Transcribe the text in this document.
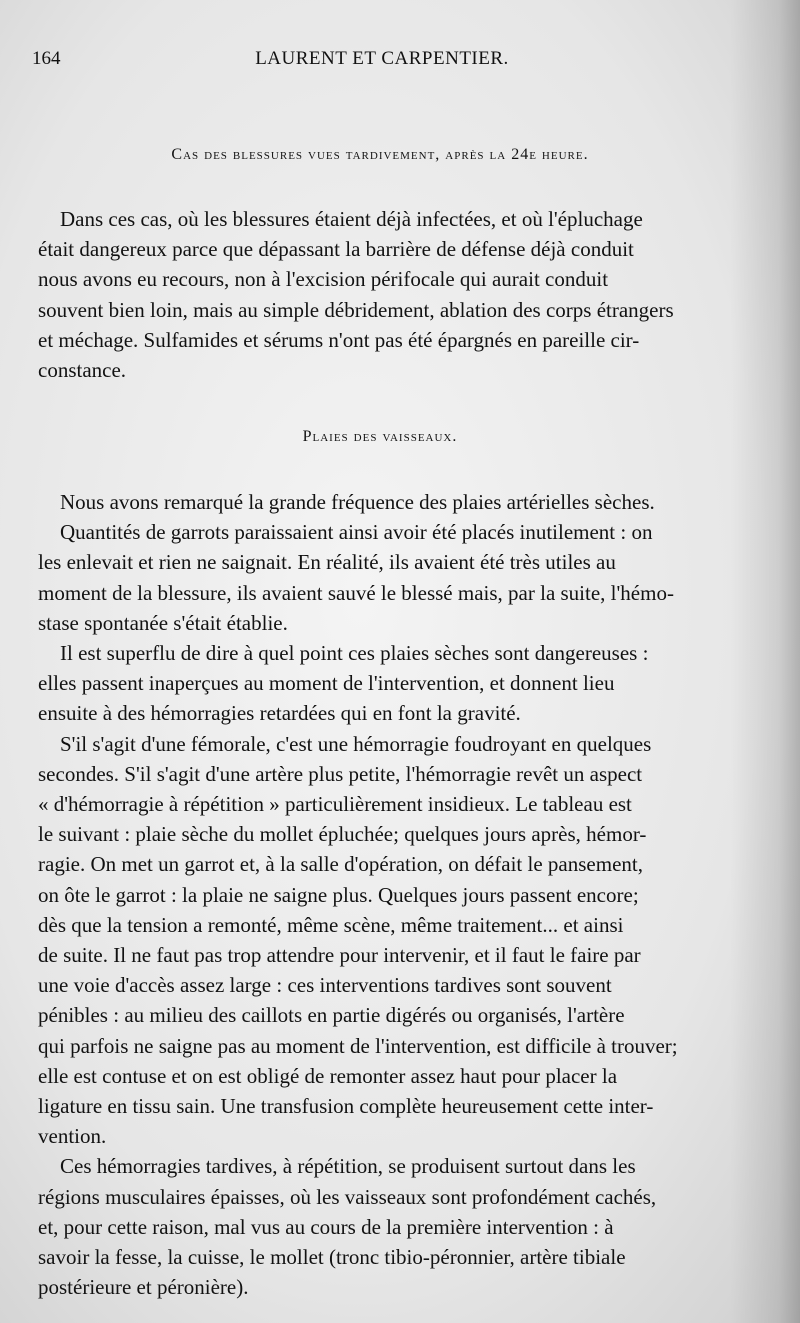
164	LAURENT ET CARPENTIER.
Cas des blessures vues tardivement, après la 24e heure.
Dans ces cas, où les blessures étaient déjà infectées, et où l'épluchage
était dangereux parce que dépassant la barrière de défense déjà conduit
nous avons eu recours, non à l'excision périfocale qui aurait conduit
souvent bien loin, mais au simple débridement, ablation des corps étrangers
et méchage. Sulfamides et sérums n'ont pas été épargnés en pareille cir-
constance.
Plaies des vaisseaux.
Nous avons remarqué la grande fréquence des plaies artérielles sèches.
Quantités de garrots paraissaient ainsi avoir été placés inutilement : on
les enlevait et rien ne saignait. En réalité, ils avaient été très utiles au
moment de la blessure, ils avaient sauvé le blessé mais, par la suite, l'hémo-
stase spontanée s'était établie.
Il est superflu de dire à quel point ces plaies sèches sont dangereuses :
elles passent inaperçues au moment de l'intervention, et donnent lieu
ensuite à des hémorragies retardées qui en font la gravité.
S'il s'agit d'une fémorale, c'est une hémorragie foudroyant en quelques
secondes. S'il s'agit d'une artère plus petite, l'hémorragie revêt un aspect
« d'hémorragie à répétition » particulièrement insidieux. Le tableau est
le suivant : plaie sèche du mollet épluchée; quelques jours après, hémor-
ragie. On met un garrot et, à la salle d'opération, on défait le pansement,
on ôte le garrot : la plaie ne saigne plus. Quelques jours passent encore;
dès que la tension a remonté, même scène, même traitement... et ainsi
de suite. Il ne faut pas trop attendre pour intervenir, et il faut le faire par
une voie d'accès assez large : ces interventions tardives sont souvent
pénibles : au milieu des caillots en partie digérés ou organisés, l'artère
qui parfois ne saigne pas au moment de l'intervention, est difficile à trouver;
elle est contuse et on est obligé de remonter assez haut pour placer la
ligature en tissu sain. Une transfusion complète heureusement cette inter-
vention.
Ces hémorragies tardives, à répétition, se produisent surtout dans les
régions musculaires épaisses, où les vaisseaux sont profondément cachés,
et, pour cette raison, mal vus au cours de la première intervention : à
savoir la fesse, la cuisse, le mollet (tronc tibio-péronnier, artère tibiale
postérieure et péronière).
